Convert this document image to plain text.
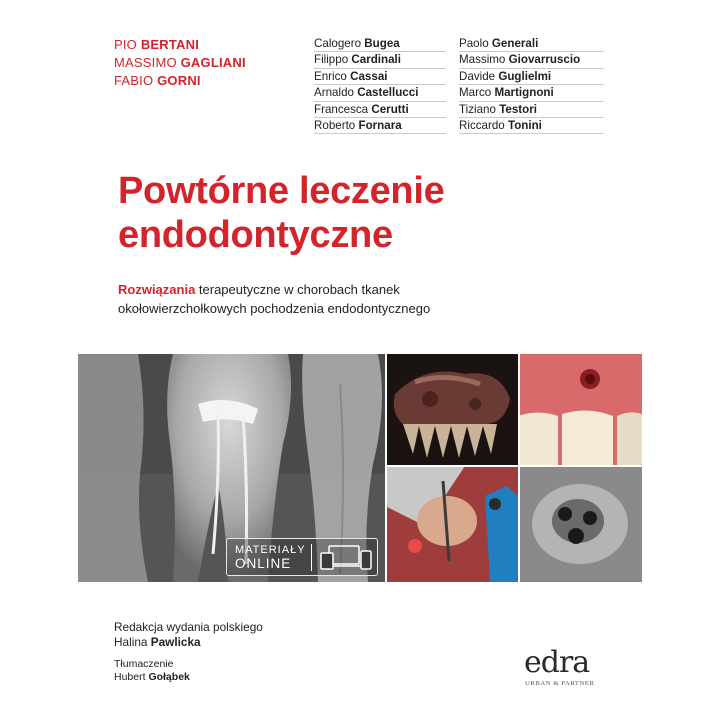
PIO BERTANI
MASSIMO GAGLIANI
FABIO GORNI
Calogero Bugea
Filippo Cardinali
Enrico Cassai
Arnaldo Castellucci
Francesca Cerutti
Roberto Fornara
Paolo Generali
Massimo Giovarruscio
Davide Guglielmi
Marco Martignoni
Tiziano Testori
Riccardo Tonini
Powtórne leczenie
endodontyczne
Rozwiązania terapeutyczne w chorobach tkanek
okołowierzchołkowych pochodzenia endodontycznego
MATERIAŁY
ONLINE
Redakcja wydania polskiego
Halina Pawlicka
Tłumaczenie
Hubert Gołąbek	edra
URBAN & PARTNER
